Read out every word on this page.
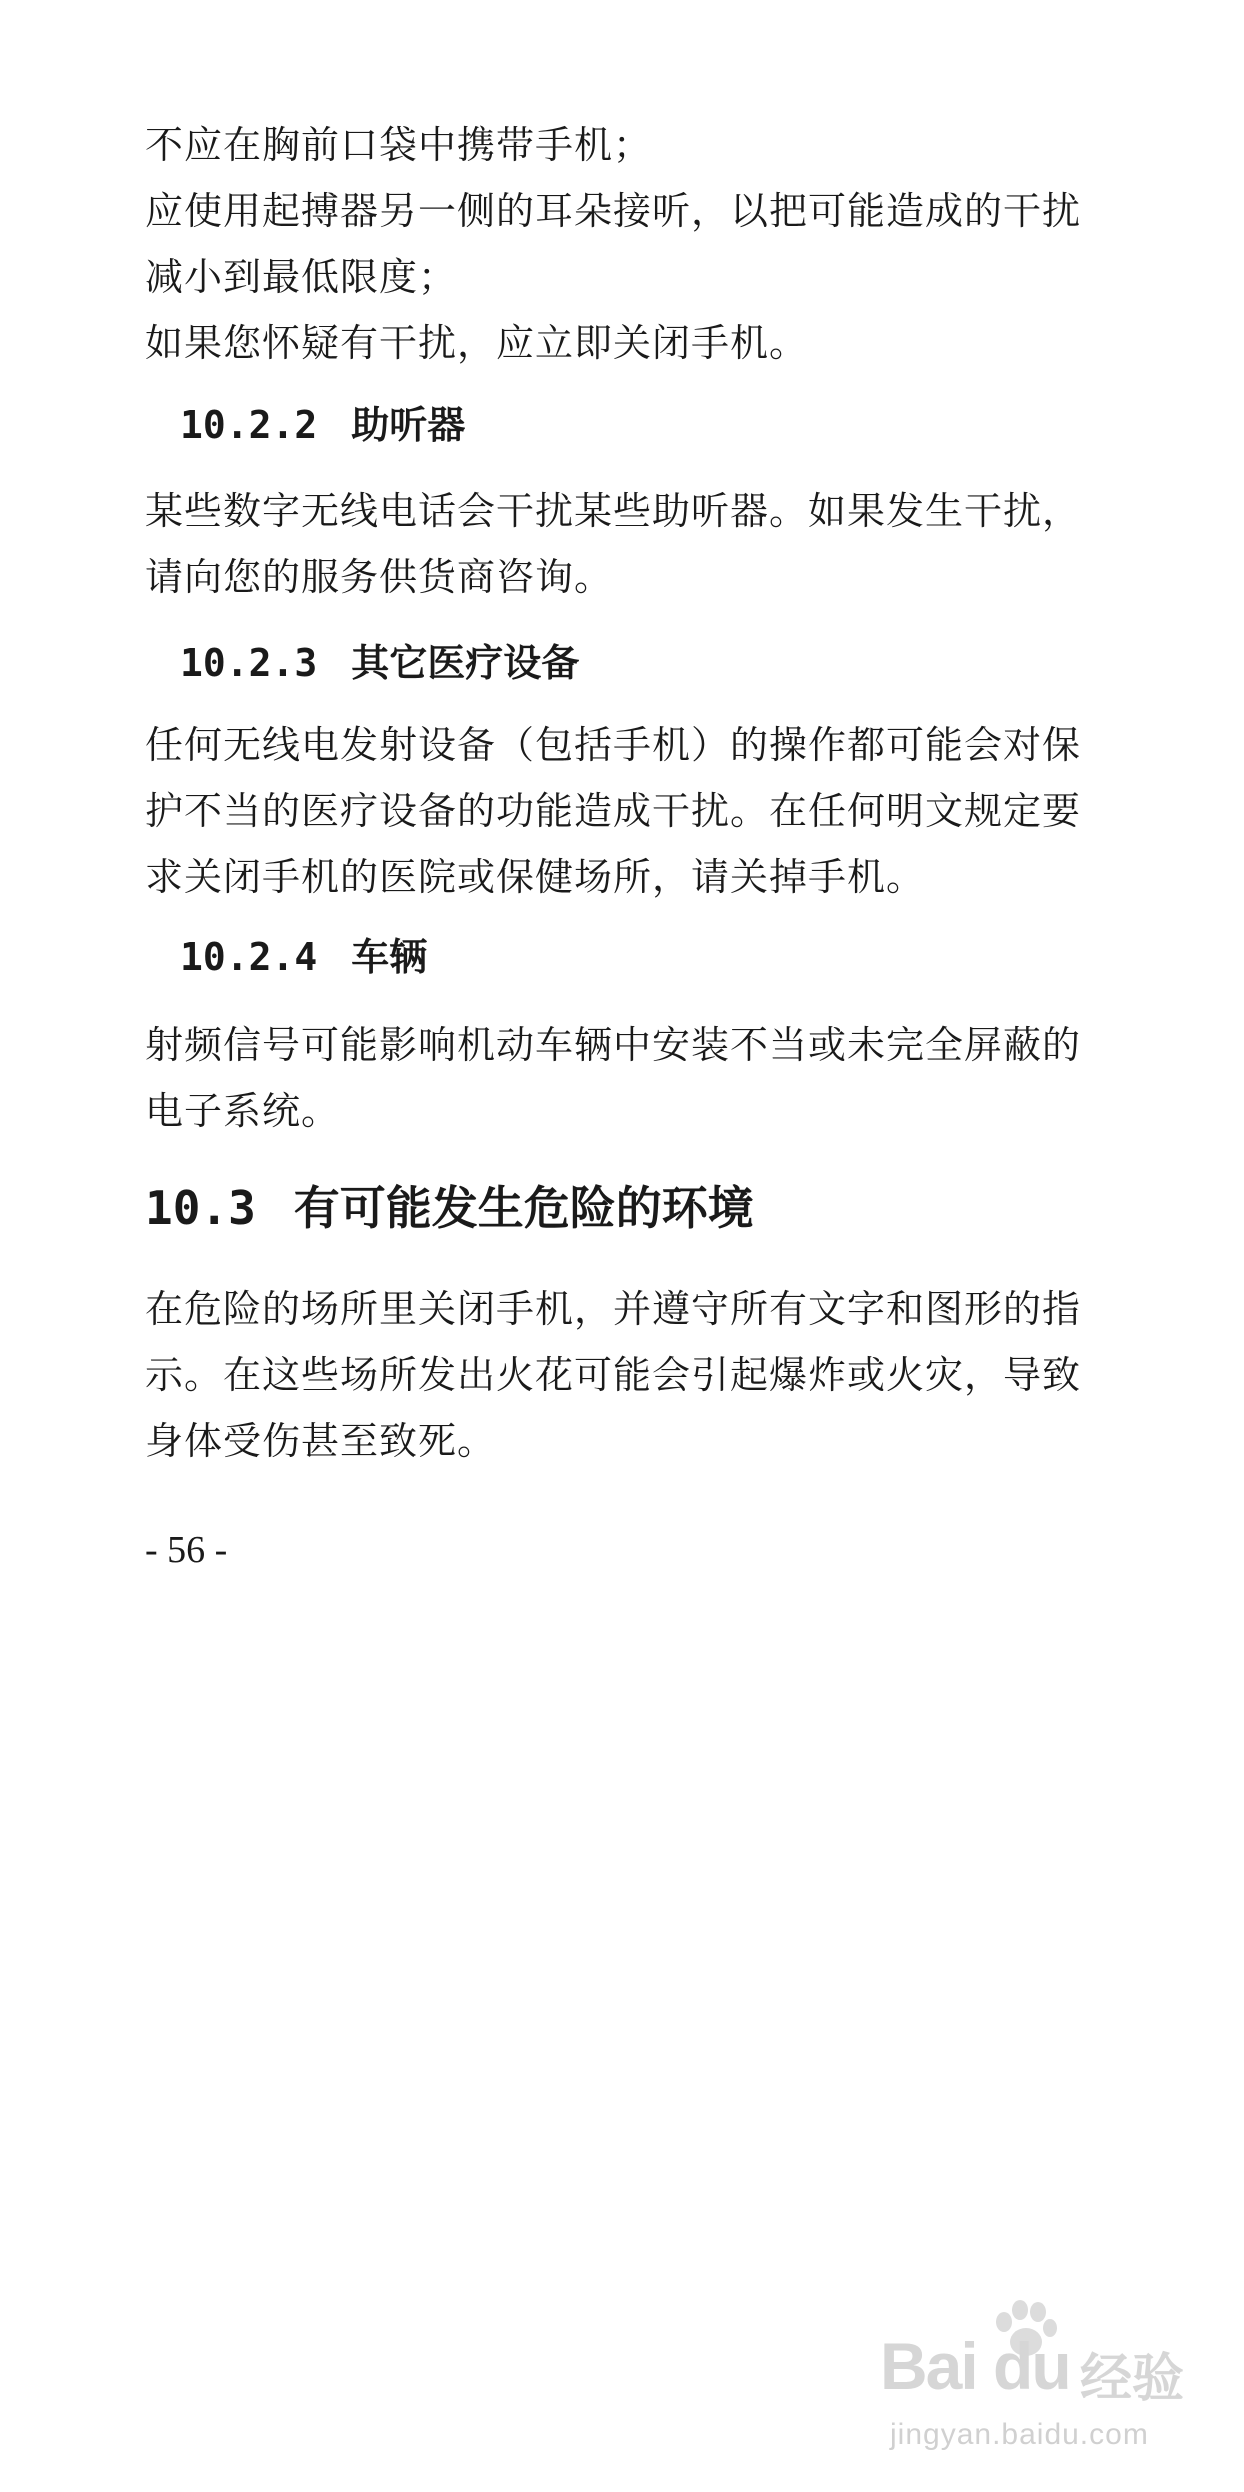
不应在胸前口袋中携带手机；

应使用起搏器另一侧的耳朵接听，以把可能造成的干扰减小到最低限度；

如果您怀疑有干扰，应立即关闭手机。

10.2.2 助听器

某些数字无线电话会干扰某些助听器。如果发生干扰，请向您的服务供货商咨询。

10.2.3 其它医疗设备

任何无线电发射设备（包括手机）的操作都可能会对保护不当的医疗设备的功能造成干扰。在任何明文规定要求关闭手机的医院或保健场所，请关掉手机。

10.2.4 车辆

射频信号可能影响机动车辆中安装不当或未完全屏蔽的电子系统。

10.3 有可能发生危险的环境

在危险的场所里关闭手机，并遵守所有文字和图形的指示。在这些场所发出火花可能会引起爆炸或火灾，导致身体受伤甚至致死。

- 56 -
Bai du 经验
jingyan.baidu.com
